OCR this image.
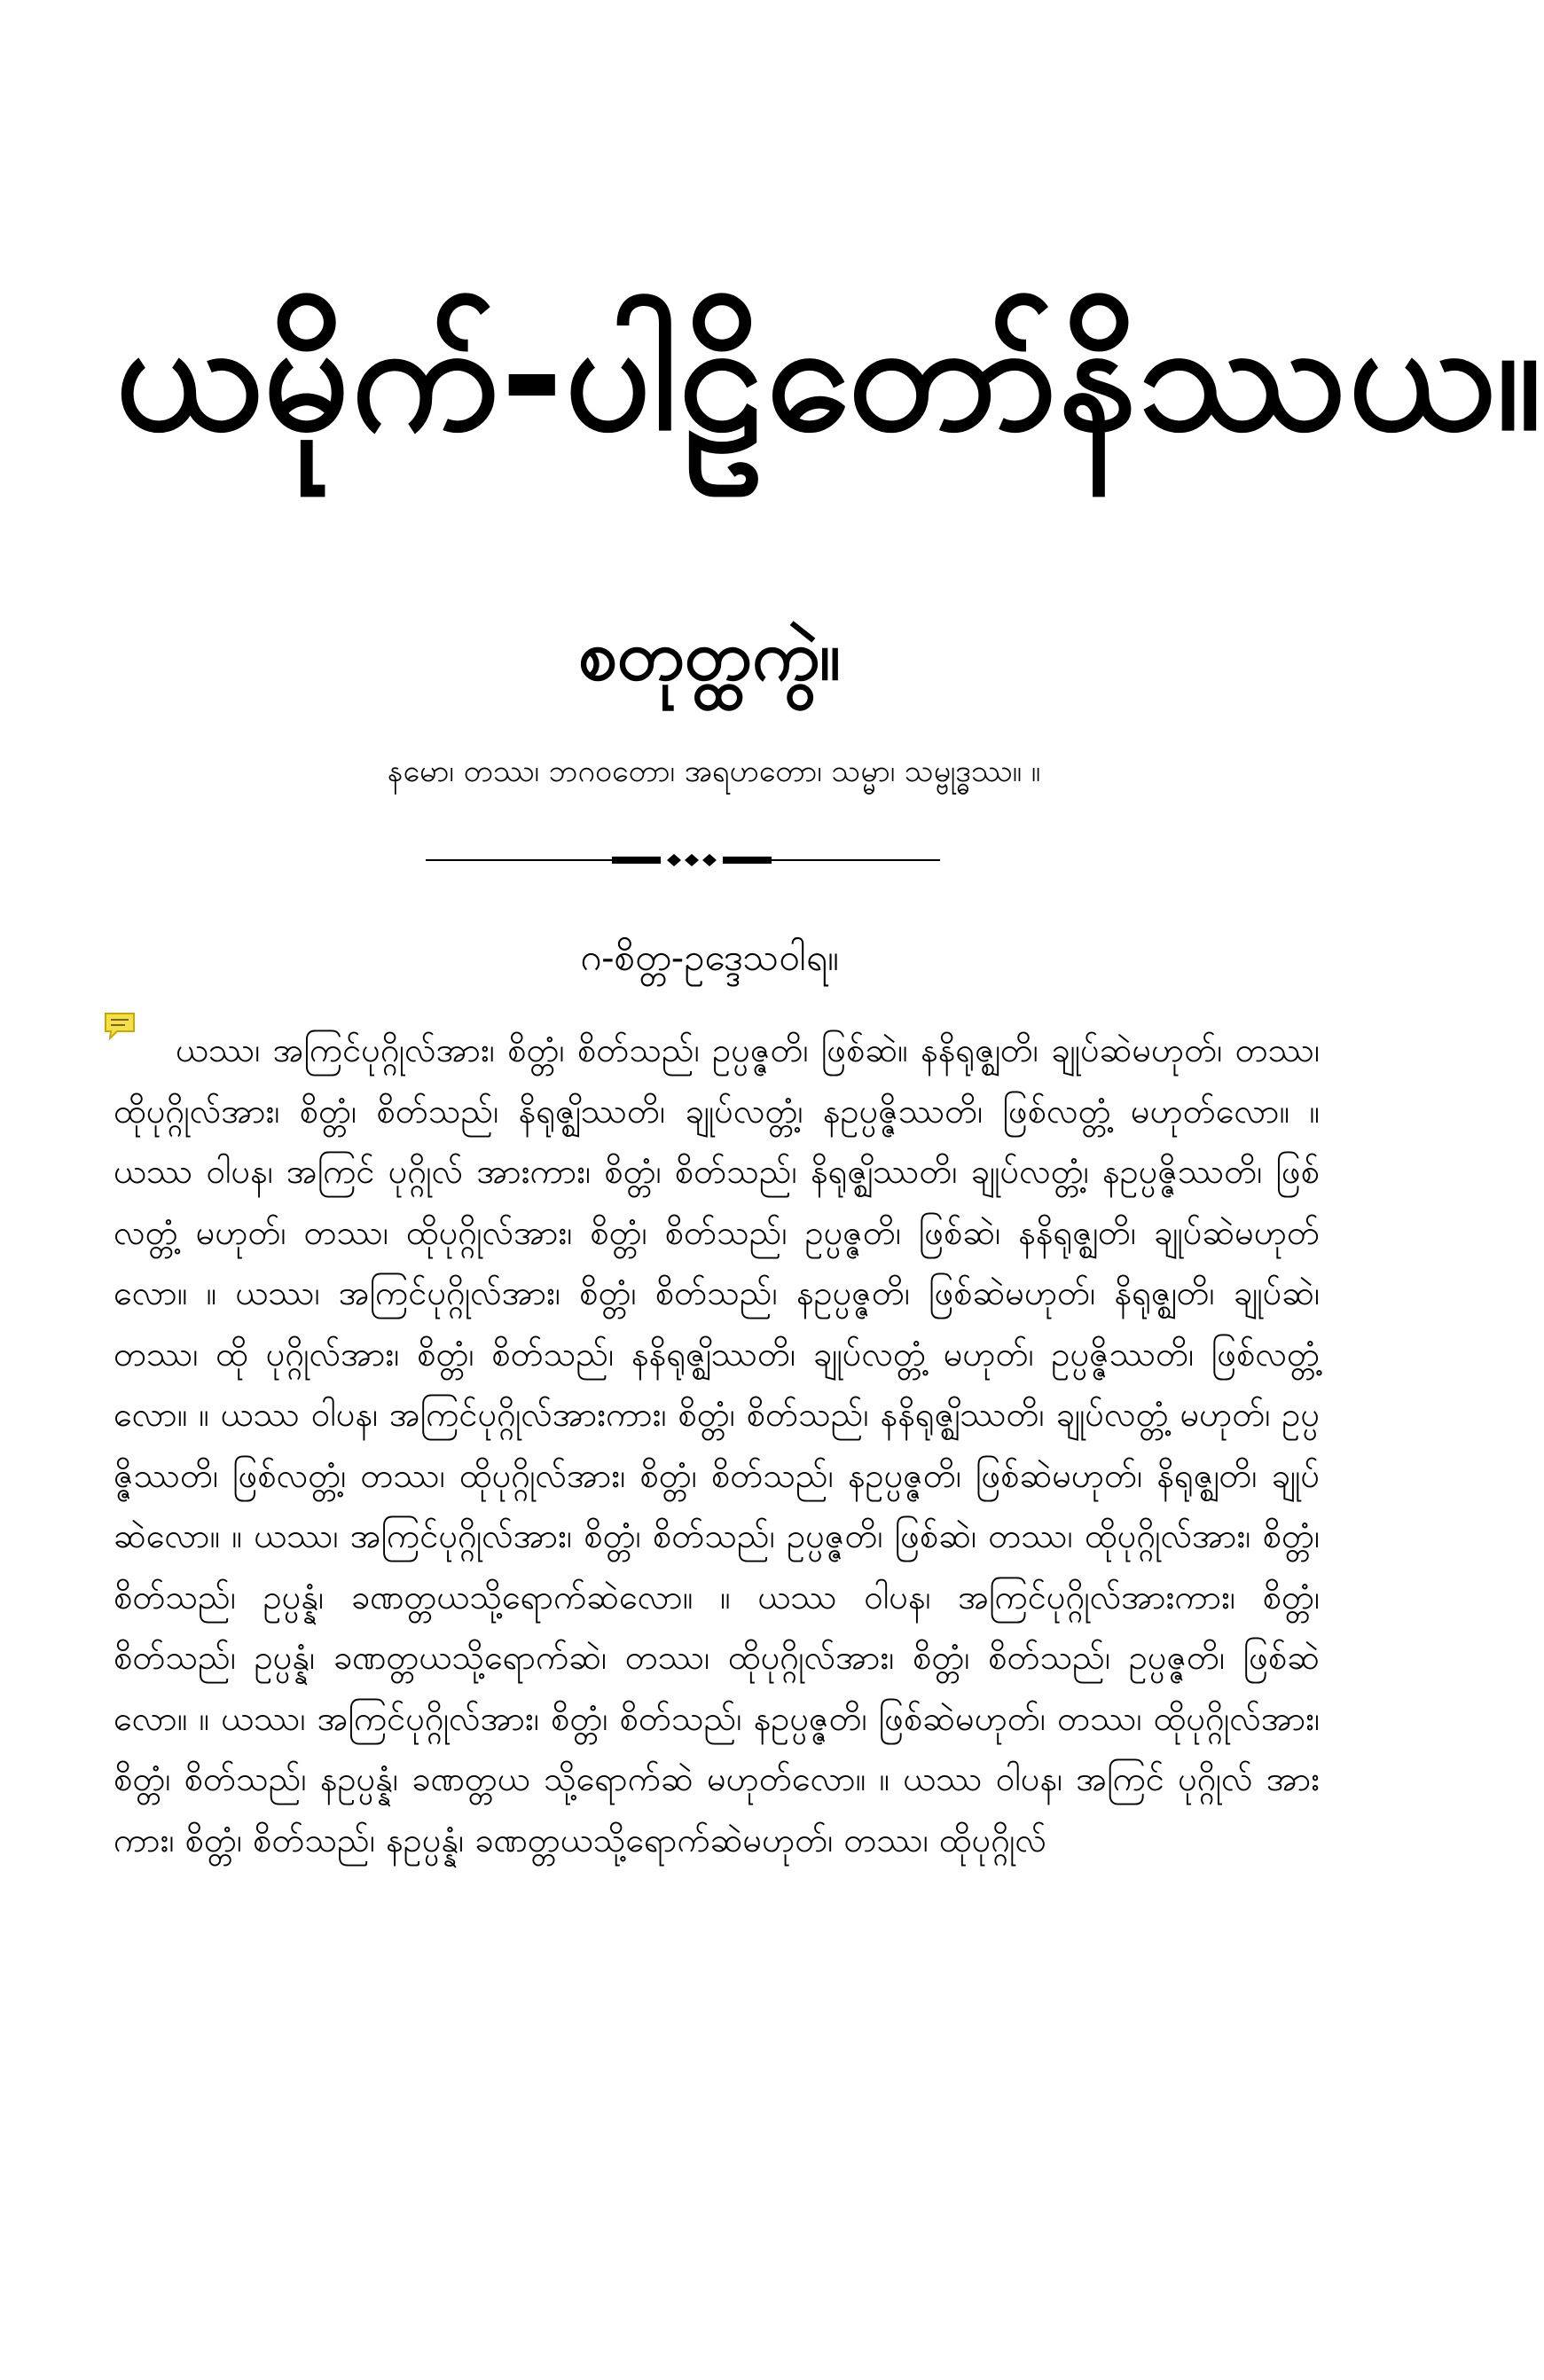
ယမိုက်-ပါဠိတော်နိဿယ။
စတုတ္ထကွဲ။
နမော၊ တဿ၊ ဘဂဝတော၊ အရဟတော၊ သမ္မာ၊ သမ္ဗုဒ္ဓဿ။ ။
ဂ-စိတ္တ-ဥဒ္ဒေသဝါရ။

ယဿ၊ အကြင်ပုဂ္ဂိုလ်အား၊ စိတ္တံ၊ စိတ်သည်၊ ဥပ္ပဇ္ဇတိ၊ ဖြစ်ဆဲ။ နနိရုဇ္ဈတိ၊ ချုပ်ဆဲမဟုတ်၊ တဿ၊ ထိုပုဂ္ဂိုလ်အား၊ စိတ္တံ၊ စိတ်သည်၊ နိရုဇ္ဈိဿတိ၊ ချုပ်လတ္တံ့၊ နဥပ္ပဇ္ဇိဿတိ၊ ဖြစ်လတ္တံ့ မဟုတ်လော။ ။ ယဿ ဝါပန၊ အကြင် ပုဂ္ဂိုလ် အားကား၊ စိတ္တံ၊ စိတ်သည်၊ နိရုဇ္ဈိဿတိ၊ ချုပ်လတ္တံ့၊ နဥပ္ပဇ္ဇိဿတိ၊ ဖြစ်လတ္တံ့ မဟုတ်၊ တဿ၊ ထိုပုဂ္ဂိုလ်အား၊ စိတ္တံ၊ စိတ်သည်၊ ဥပ္ပဇ္ဇတိ၊ ဖြစ်ဆဲ၊ နနိရုဇ္ဈတိ၊ ချုပ်ဆဲမဟုတ်လော။ ။ ယဿ၊ အကြင်ပုဂ္ဂိုလ်အား၊ စိတ္တံ၊ စိတ်သည်၊ နဥပ္ပဇ္ဇတိ၊ ဖြစ်ဆဲမဟုတ်၊ နိရုဇ္ဈတိ၊ ချုပ်ဆဲ၊ တဿ၊ ထို ပုဂ္ဂိုလ်အား၊ စိတ္တံ၊ စိတ်သည်၊ နနိရုဇ္ဈိဿတိ၊ ချုပ်လတ္တံ့ မဟုတ်၊ ဥပ္ပဇ္ဇိဿတိ၊ ဖြစ်လတ္တံ့လော။ ။ ယဿ ဝါပန၊ အကြင်ပုဂ္ဂိုလ်အားကား၊ စိတ္တံ၊ စိတ်သည်၊ နနိရုဇ္ဈိဿတိ၊ ချုပ်လတ္တံ့ မဟုတ်၊ ဥပ္ပဇ္ဇိဿတိ၊ ဖြစ်လတ္တံ့၊ တဿ၊ ထိုပုဂ္ဂိုလ်အား၊ စိတ္တံ၊ စိတ်သည်၊ နဥပ္ပဇ္ဇတိ၊ ဖြစ်ဆဲမဟုတ်၊ နိရုဇ္ဈတိ၊ ချုပ်ဆဲလော။ ။ ယဿ၊ အကြင်ပုဂ္ဂိုလ်အား၊ စိတ္တံ၊ စိတ်သည်၊ ဥပ္ပဇ္ဇတိ၊ ဖြစ်ဆဲ၊ တဿ၊ ထိုပုဂ္ဂိုလ်အား၊ စိတ္တံ၊ စိတ်သည်၊ ဥပ္ပန္နံ၊ ခဏတ္တယသို့ရောက်ဆဲလော။ ။ ယဿ ဝါပန၊ အကြင်ပုဂ္ဂိုလ်အားကား၊ စိတ္တံ၊ စိတ်သည်၊ ဥပ္ပန္နံ၊ ခဏတ္တယသို့ရောက်ဆဲ၊ တဿ၊ ထိုပုဂ္ဂိုလ်အား၊ စိတ္တံ၊ စိတ်သည်၊ ဥပ္ပဇ္ဇတိ၊ ဖြစ်ဆဲလော။ ။ ယဿ၊ အကြင်ပုဂ္ဂိုလ်အား၊ စိတ္တံ၊ စိတ်သည်၊ နဥပ္ပဇ္ဇတိ၊ ဖြစ်ဆဲမဟုတ်၊ တဿ၊ ထိုပုဂ္ဂိုလ်အား၊ စိတ္တံ၊ စိတ်သည်၊ နဥပ္ပန္နံ၊ ခဏတ္တယ သို့ရောက်ဆဲ မဟုတ်လော။ ။ ယဿ ဝါပန၊ အကြင် ပုဂ္ဂိုလ် အားကား၊ စိတ္တံ၊ စိတ်သည်၊ နဥပ္ပန္နံ၊ ခဏတ္တယသို့ရောက်ဆဲမဟုတ်၊ တဿ၊ ထိုပုဂ္ဂိုလ်
